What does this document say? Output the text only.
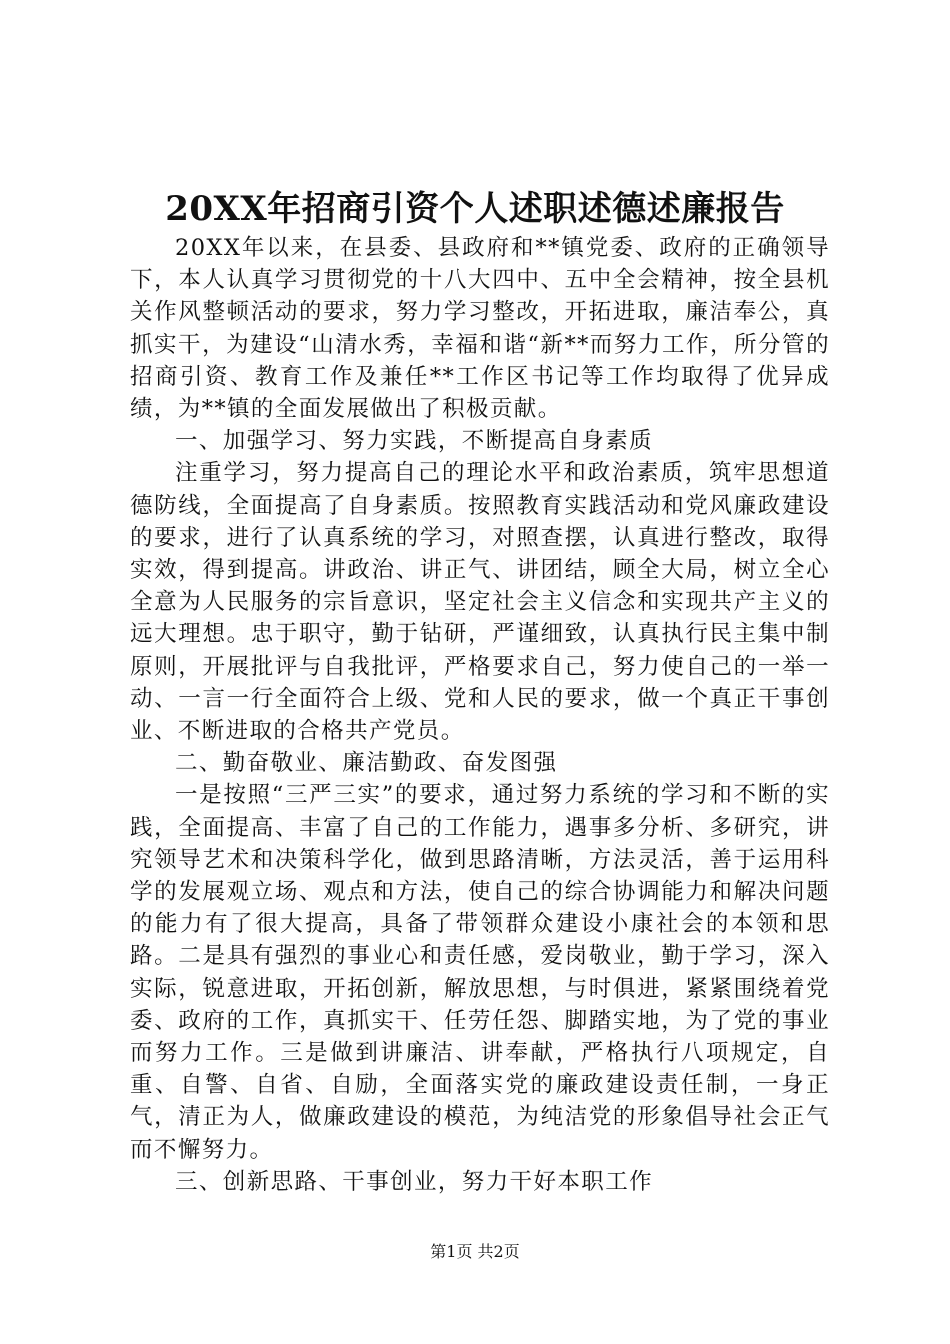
20XX年招商引资个人述职述德述廉报告

20XX年以来，在县委、县政府和**镇党委、政府的正确领导下，本人认真学习贯彻党的十八大四中、五中全会精神，按全县机关作风整顿活动的要求，努力学习整改，开拓进取，廉洁奉公，真抓实干，为建设“山清水秀，幸福和谐“新**而努力工作，所分管的招商引资、教育工作及兼任**工作区书记等工作均取得了优异成绩，为**镇的全面发展做出了积极贡献。

一、加强学习、努力实践，不断提高自身素质

注重学习，努力提高自己的理论水平和政治素质，筑牢思想道德防线，全面提高了自身素质。按照教育实践活动和党风廉政建设的要求，进行了认真系统的学习，对照查摆，认真进行整改，取得实效，得到提高。讲政治、讲正气、讲团结，顾全大局，树立全心全意为人民服务的宗旨意识，坚定社会主义信念和实现共产主义的远大理想。忠于职守，勤于钻研，严谨细致，认真执行民主集中制原则，开展批评与自我批评，严格要求自己，努力使自己的一举一动、一言一行全面符合上级、党和人民的要求，做一个真正干事创业、不断进取的合格共产党员。

二、勤奋敬业、廉洁勤政、奋发图强

一是按照“三严三实”的要求，通过努力系统的学习和不断的实践，全面提高、丰富了自己的工作能力，遇事多分析、多研究，讲究领导艺术和决策科学化，做到思路清晰，方法灵活，善于运用科学的发展观立场、观点和方法，使自己的综合协调能力和解决问题的能力有了很大提高，具备了带领群众建设小康社会的本领和思路。二是具有强烈的事业心和责任感，爱岗敬业，勤于学习，深入实际，锐意进取，开拓创新，解放思想，与时俱进，紧紧围绕着党委、政府的工作，真抓实干、任劳任怨、脚踏实地，为了党的事业而努力工作。三是做到讲廉洁、讲奉献，严格执行八项规定，自重、自警、自省、自励，全面落实党的廉政建设责任制，一身正气，清正为人，做廉政建设的模范，为纯洁党的形象倡导社会正气而不懈努力。

三、创新思路、干事创业，努力干好本职工作

第1页 共2页
